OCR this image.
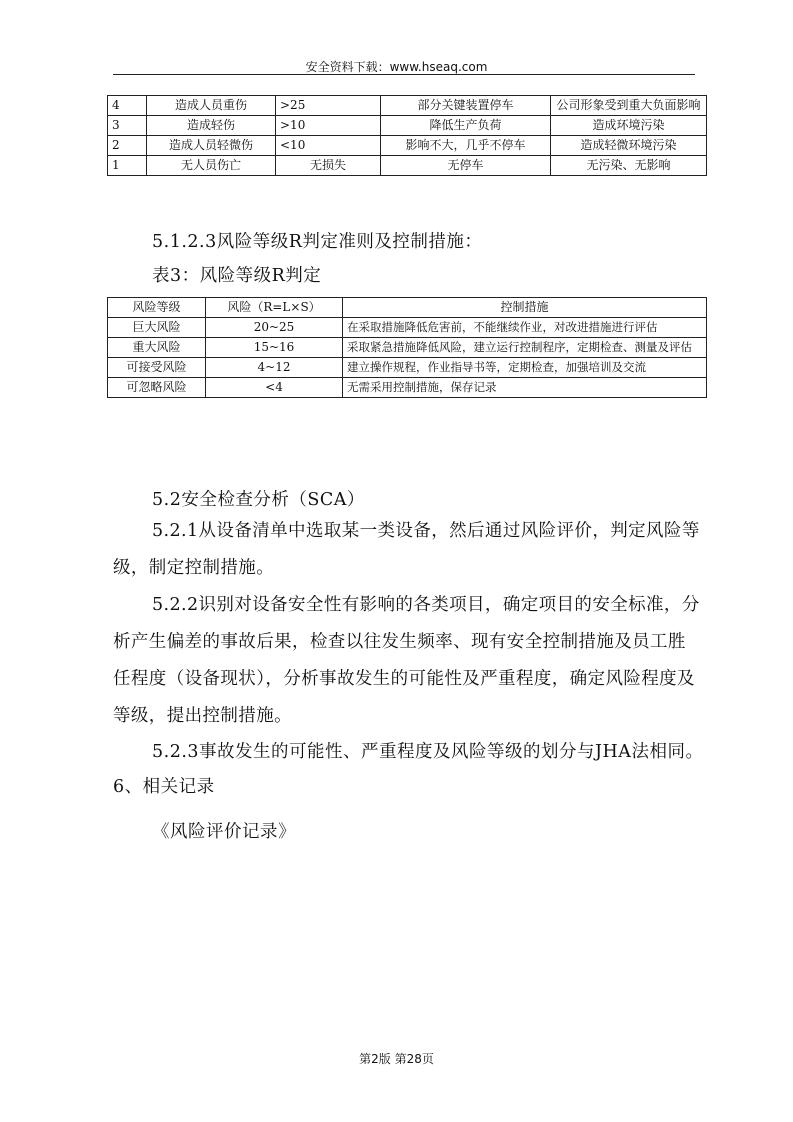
安全资料下载：www.hseaq.com
4	造成人员重伤	>25	部分关键装置停车	公司形象受到重大负面影响
3	造成轻伤	>10	降低生产负荷	造成环境污染
2	造成人员轻微伤	<10	影响不大，几乎不停车	造成轻微环境污染
1	无人员伤亡	无损失	无停车	无污染、无影响
5.1.2.3风险等级R判定准则及控制措施：
表3：风险等级R判定
风险等级	风险（R=L×S）	控制措施
巨大风险	20~25	在采取措施降低危害前，不能继续作业，对改进措施进行评估
重大风险	15~16	采取紧急措施降低风险，建立运行控制程序，定期检查、测量及评估
可接受风险	4~12	建立操作规程，作业指导书等，定期检查，加强培训及交流
可忽略风险	<4	无需采用控制措施，保存记录
5.2安全检查分析（SCA）
5.2.1从设备清单中选取某一类设备，然后通过风险评价，判定风险等级，制定控制措施。
5.2.2识别对设备安全性有影响的各类项目，确定项目的安全标准，分析产生偏差的事故后果，检查以往发生频率、现有安全控制措施及员工胜任程度（设备现状），分析事故发生的可能性及严重程度，确定风险程度及等级，提出控制措施。
5.2.3事故发生的可能性、严重程度及风险等级的划分与JHA法相同。
6、相关记录
《风险评价记录》
第2版 第28页
